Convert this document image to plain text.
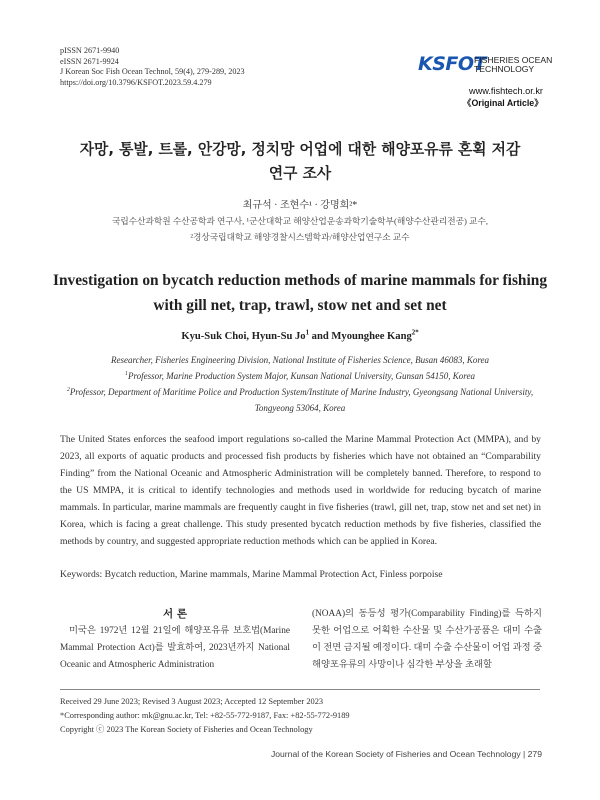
pISSN 2671-9940
eISSN 2671-9924
J Korean Soc Fish Ocean Technol, 59(4), 279-289, 2023
https://doi.org/10.3796/KSFOT.2023.59.4.279
KSFOT
FISHERIES OCEAN
TECHNOLOGY
www.fishtech.or.kr
《Original Article》
자망, 통발, 트롤, 안강망, 정치망 어업에 대한 해양포유류 혼획 저감
연구 조사
최규석 · 조현수¹ · 강명희²*
국립수산과학원 수산공학과 연구사, ¹군산대학교 해양산업운송과학기술학부(해양수산관리전공) 교수,
²경상국립대학교 해양경찰시스템학과/해양산업연구소 교수
Investigation on bycatch reduction methods of marine mammals for fishing
with gill net, trap, trawl, stow net and set net
Kyu-Suk Choi, Hyun-Su Jo$^1$ and Myounghee Kang$^{2*}$
Researcher, Fisheries Engineering Division, National Institute of Fisheries Science, Busan 46083, Korea
$^1$Professor, Marine Production System Major, Kunsan National University, Gunsan 54150, Korea
$^2$Professor, Department of Maritime Police and Production System/Institute of Marine Industry, Gyeongsang National University,
Tongyeong 53064, Korea
The United States enforces the seafood import regulations so-called the Marine Mammal Protection Act (MMPA), and by 2023, all exports of aquatic products and processed fish products by fisheries which have not obtained an “Comparability Finding” from the National Oceanic and Atmospheric Administration will be completely banned. Therefore, to respond to the US MMPA, it is critical to identify technologies and methods used in worldwide for reducing bycatch of marine mammals. In particular, marine mammals are frequently caught in five fisheries (trawl, gill net, trap, stow net and set net) in Korea, which is facing a great challenge. This study presented bycatch reduction methods by five fisheries, classified the methods by country, and suggested appropriate reduction methods which can be applied in Korea.
Keywords: Bycatch reduction, Marine mammals, Marine Mammal Protection Act, Finless porpoise
서 론
미국은 1972년 12월 21일에 해양포유류 보호법(Marine Mammal Protection Act)를 발효하여, 2023년까지 National Oceanic and Atmospheric Administration
(NOAA)의 동등성 평가(Comparability Finding)를 득하지 못한 어업으로 어획한 수산물 및 수산가공품은 대미 수출이 전면 금지될 예정이다. 대미 수출 수산물이 어업 과정 중 해양포유류의 사망이나 심각한 부상을 초래할
Received 29 June 2023; Revised 3 August 2023; Accepted 12 September 2023
*Corresponding author: mk@gnu.ac.kr, Tel: +82-55-772-9187, Fax: +82-55-772-9189
Copyright ⓒ 2023 The Korean Society of Fisheries and Ocean Technology
Journal of the Korean Society of Fisheries and Ocean Technology | 279
